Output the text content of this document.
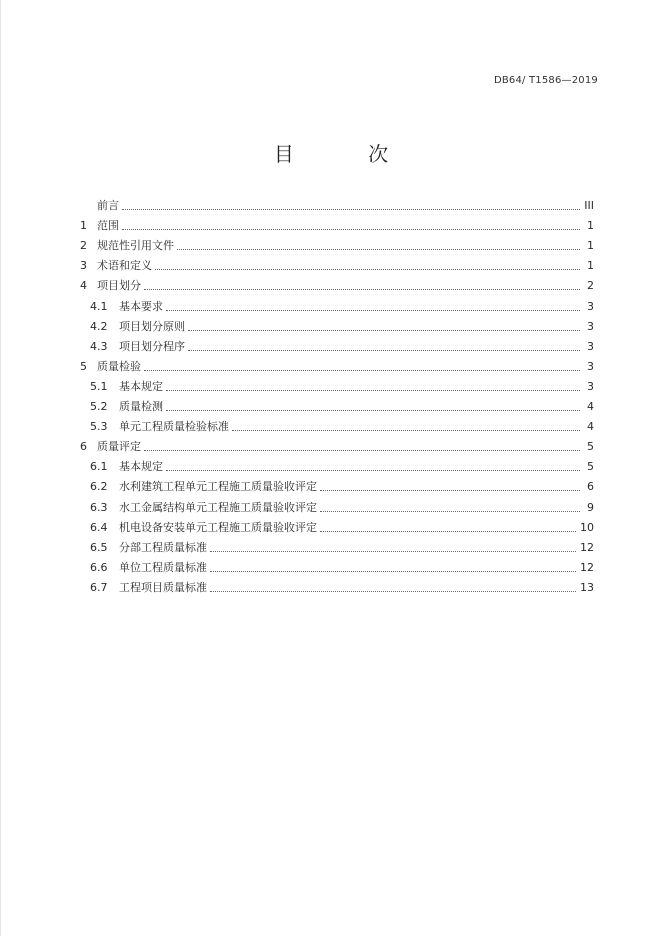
DB64/ T1586—2019
目 次
前言	III
1 范围	1
2 规范性引用文件	1
3 术语和定义	1
4 项目划分	2
4.1	基本要求	3
4.2	项目划分原则	3
4.3	项目划分程序	3
5 质量检验	3
5.1	基本规定	3
5.2	质量检测	4
5.3	单元工程质量检验标准	4
6 质量评定	5
6.1	基本规定	5
6.2	水利建筑工程单元工程施工质量验收评定	6
6.3	水工金属结构单元工程施工质量验收评定	9
6.4	机电设备安装单元工程施工质量验收评定	10
6.5	分部工程质量标准	12
6.6	单位工程质量标准	12
6.7	工程项目质量标准	13
